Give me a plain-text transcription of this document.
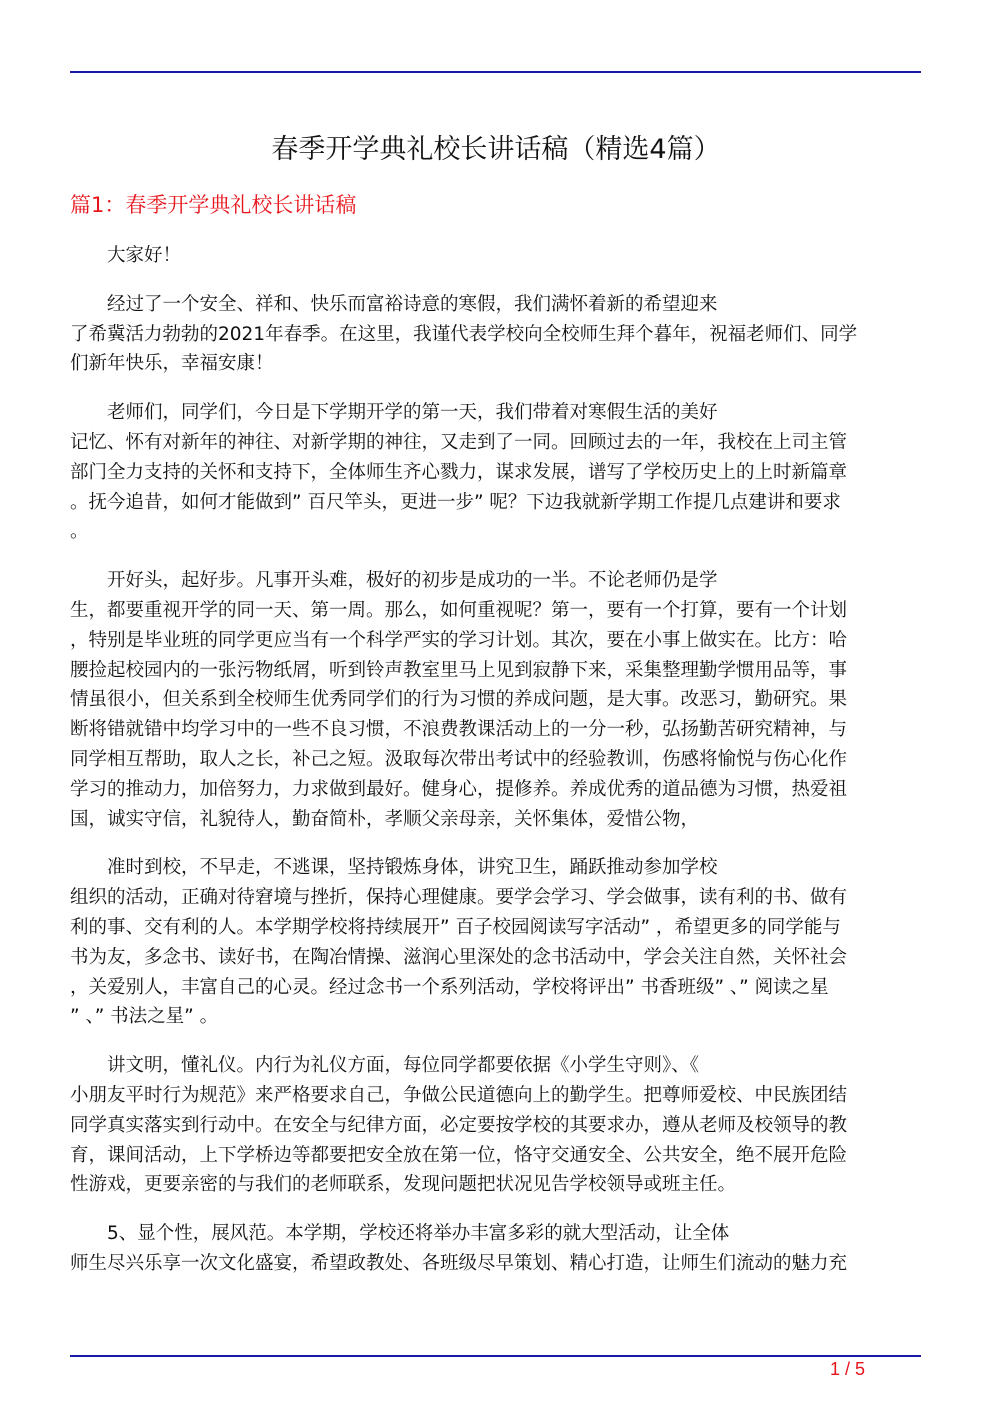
春季开学典礼校长讲话稿（精选4篇）
篇1：春季开学典礼校长讲话稿
大家好！
经过了一个安全、祥和、快乐而富裕诗意的寒假，我们满怀着新的希望迎来
了希冀活力勃勃的2021年春季。在这里，我谨代表学校向全校师生拜个暮年，祝福老师们、同学
们新年快乐，幸福安康！
老师们，同学们，今日是下学期开学的第一天，我们带着对寒假生活的美好
记忆、怀有对新年的神往、对新学期的神往，又走到了一同。回顾过去的一年，我校在上司主管
部门全力支持的关怀和支持下，全体师生齐心戮力，谋求发展，谱写了学校历史上的上时新篇章
。抚今追昔，如何才能做到” 百尺竿头，更进一步” 呢？下边我就新学期工作提几点建讲和要求
。
开好头，起好步。凡事开头难，极好的初步是成功的一半。不论老师仍是学
生，都要重视开学的同一天、第一周。那么，如何重视呢？第一，要有一个打算，要有一个计划
，特别是毕业班的同学更应当有一个科学严实的学习计划。其次，要在小事上做实在。比方：哈
腰捡起校园内的一张污物纸屑，听到铃声教室里马上见到寂静下来，采集整理勤学惯用品等，事
情虽很小，但关系到全校师生优秀同学们的行为习惯的养成问题，是大事。改恶习，勤研究。果
断将错就错中均学习中的一些不良习惯，不浪费教课活动上的一分一秒，弘扬勤苦研究精神，与
同学相互帮助，取人之长，补己之短。汲取每次带出考试中的经验教训，伤感将愉悦与伤心化作
学习的推动力，加倍努力，力求做到最好。健身心，提修养。养成优秀的道品德为习惯，热爱祖
国，诚实守信，礼貌待人，勤奋简朴，孝顺父亲母亲，关怀集体，爱惜公物，
准时到校，不早走，不逃课，坚持锻炼身体，讲究卫生，踊跃推动参加学校
组织的活动，正确对待窘境与挫折，保持心理健康。要学会学习、学会做事，读有利的书、做有
利的事、交有利的人。本学期学校将持续展开” 百子校园阅读写字活动” ，希望更多的同学能与
书为友，多念书、读好书，在陶冶情操、滋润心里深处的念书活动中，学会关注自然，关怀社会
，关爱别人，丰富自己的心灵。经过念书一个系列活动，学校将评出” 书香班级” 、” 阅读之星
” 、” 书法之星” 。
讲文明，懂礼仪。内行为礼仪方面，每位同学都要依据《小学生守则》、《
小朋友平时行为规范》来严格要求自己，争做公民道德向上的勤学生。把尊师爱校、中民族团结
同学真实落实到行动中。在安全与纪律方面，必定要按学校的其要求办，遵从老师及校领导的教
育，课间活动，上下学桥边等都要把安全放在第一位，恪守交通安全、公共安全，绝不展开危险
性游戏，更要亲密的与我们的老师联系，发现问题把状况见告学校领导或班主任。
5、显个性，展风范。本学期，学校还将举办丰富多彩的就大型活动，让全体
师生尽兴乐享一次文化盛宴，希望政教处、各班级尽早策划、精心打造，让师生们流动的魅力充
1 / 5
